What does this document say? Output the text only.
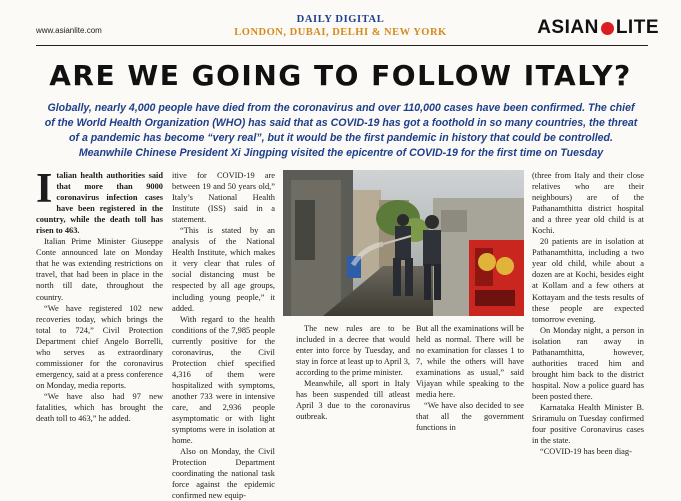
www.asianlite.com
DAILY DIGITAL
LONDON, DUBAI, DELHI & NEW YORK	ASIAN LITE
ARE WE GOING TO FOLLOW ITALY?
Globally, nearly 4,000 people have died from the coronavirus and over 110,000 cases have been confirmed. The chief of the World Health Organization (WHO) has said that as COVID-19 has got a foothold in so many countries, the threat of a pandemic has become “very real”, but it would be the first pandemic in history that could be controlled. Meanwhile Chinese President Xi Jingping visited the epicentre of COVID-19 for the first time on Tuesday

Italian health authorities said that more than 9000 coronavirus infection cases have been registered in the country, while the death toll has risen to 463.

Italian Prime Minister Giuseppe Conte announced late on Monday that he was extending restrictions on travel, that had been in place in the north till date, throughout the country.

“We have registered 102 new recoveries today, which brings the total to 724,” Civil Protection Department chief Angelo Borrelli, who serves as extraordinary commissioner for the coronavirus emergency, said at a press conference on Monday, media reports.

“We have also had 97 new fatalities, which has brought the death toll to 463,” he added.

itive for COVID-19 are between 19 and 50 years old,” Italy’s National Health Institute (ISS) said in a statement.

“This is stated by an analysis of the National Health Institute, which makes it very clear that rules of social distancing must be respected by all age groups, including young people,” it added.

With regard to the health conditions of the 7,985 people currently positive for the coronavirus, the Civil Protection chief specified 4,316 of them were hospitalized with symptoms, another 733 were in intensive care, and 2,936 people asymptomatic or with light symptoms were in isolation at home.

Also on Monday, the Civil Protection Department coordinating the national task force against the epidemic confirmed new equip-

The new rules are to be included in a decree that would enter into force by Tuesday, and stay in force at least up to April 3, according to the prime minister.

Meanwhile, all sport in Italy has been suspended till atleast April 3 due to the coronavirus outbreak.

But all the examinations will be held as normal. There will be no examination for classes 1 to 7, while the others will have examinations as usual,” said Vijayan while speaking to the media here.

“We have also decided to see that all the government functions in

(three from Italy and their close relatives who are their neighbours) are of the Pathanamthitta district hospital and a three year old child is at Kochi.

20 patients are in isolation at Pathanamthitta, including a two year old child, while about a dozen are at Kochi, besides eight at Kollam and a few others at Kottayam and the tests results of these people are expected tomorrow evening.

On Monday night, a person in isolation ran away in Pathanamthitta, however, authorities traced him and brought him back to the district hospital. Now a police guard has been posted there.

Karnataka Health Minister B. Sriramulu on Tuesday confirmed four positive Coronavirus cases in the state.

“COVID-19 has been diag-
